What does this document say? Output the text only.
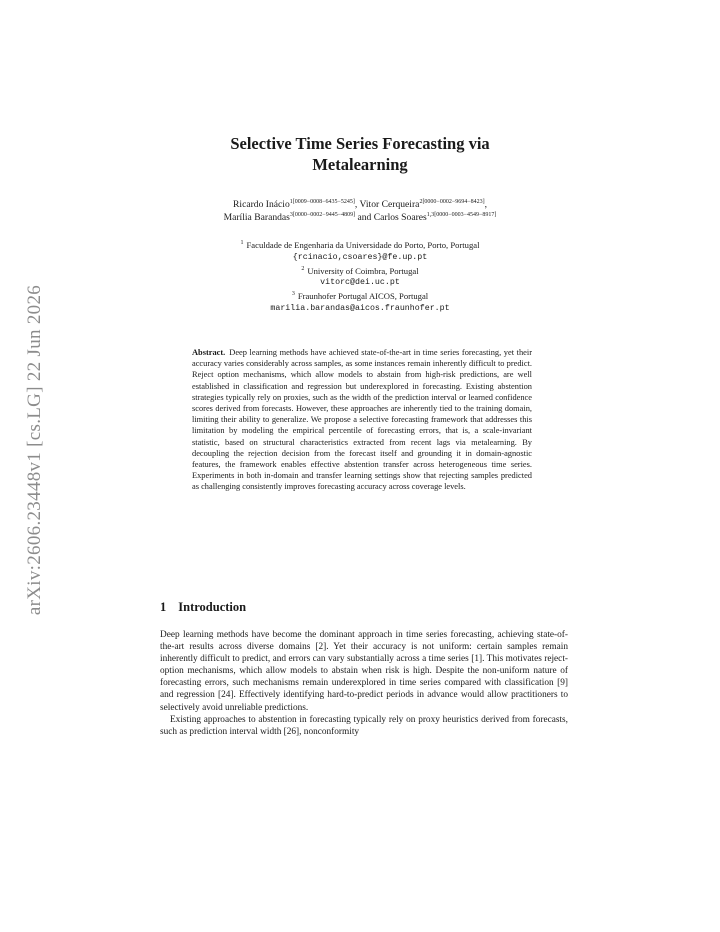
arXiv:2606.23448v1 [cs.LG] 22 Jun 2026
Selective Time Series Forecasting via
Metalearning
Ricardo Inácio$^{1[0009-0008-6435-5245]}$, Vitor Cerqueira$^{2[0000-0002-9694-8423]}$,
Marília Barandas$^{3[0000-0002-9445-4809]}$ and Carlos Soares$^{1,3[0000-0003-4549-8917]}$
$^1$ Faculdade de Engenharia da Universidade do Porto, Porto, Portugal
{rcinacio,csoares}@fe.up.pt
$^2$ University of Coimbra, Portugal
vitorc@dei.uc.pt
$^3$ Fraunhofer Portugal AICOS, Portugal
marilia.barandas@aicos.fraunhofer.pt
Abstract. Deep learning methods have achieved state-of-the-art in time series forecasting, yet their accuracy varies considerably across samples, as some instances remain inherently difficult to predict. Reject option mechanisms, which allow models to abstain from high-risk predictions, are well established in classification and regression but underexplored in forecasting. Existing abstention strategies typically rely on proxies, such as the width of the prediction interval or learned confidence scores derived from forecasts. However, these approaches are inherently tied to the training domain, limiting their ability to generalize. We propose a selective forecasting framework that addresses this limitation by modeling the empirical percentile of forecasting errors, that is, a scale-invariant statistic, based on structural characteristics extracted from recent lags via metalearning. By decoupling the rejection decision from the forecast itself and grounding it in domain-agnostic features, the framework enables effective abstention transfer across heterogeneous time series. Experiments in both in-domain and transfer learning settings show that rejecting samples predicted as challenging consistently improves forecasting accuracy across coverage levels.
1 Introduction

Deep learning methods have become the dominant approach in time series forecasting, achieving state-of-the-art results across diverse domains [2]. Yet their accuracy is not uniform: certain samples remain inherently difficult to predict, and errors can vary substantially across a time series [1]. This motivates reject-option mechanisms, which allow models to abstain when risk is high. Despite the non-uniform nature of forecasting errors, such mechanisms remain underexplored in time series compared with classification [9] and regression [24]. Effectively identifying hard-to-predict periods in advance would allow practitioners to selectively avoid unreliable predictions.

Existing approaches to abstention in forecasting typically rely on proxy heuristics derived from forecasts, such as prediction interval width [26], nonconformity
